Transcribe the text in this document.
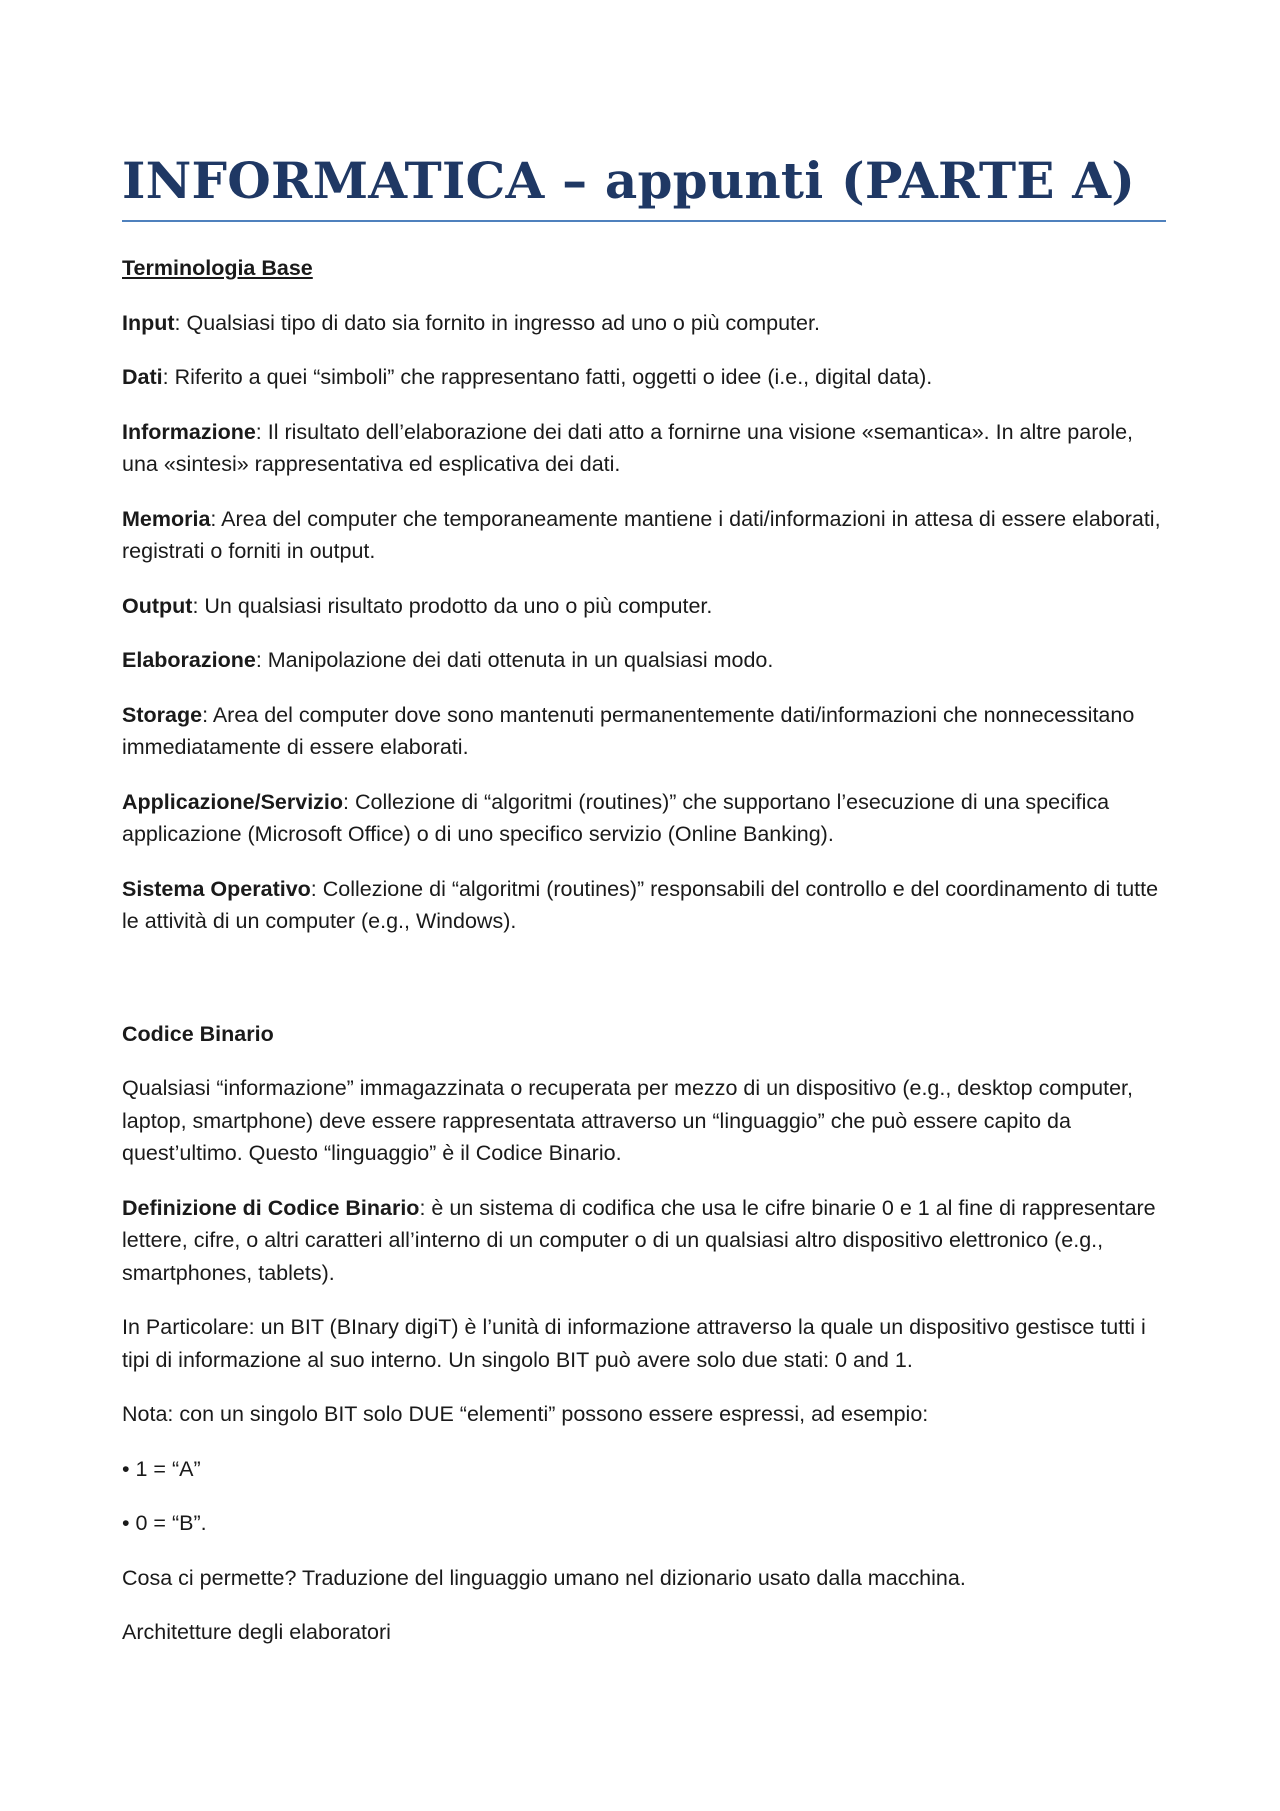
INFORMATICA – appunti (PARTE A)

Terminologia Base

Input: Qualsiasi tipo di dato sia fornito in ingresso ad uno o più computer.

Dati: Riferito a quei “simboli” che rappresentano fatti, oggetti o idee (i.e., digital data).

Informazione: Il risultato dell’elaborazione dei dati atto a fornirne una visione «semantica». In altre parole, una «sintesi» rappresentativa ed esplicativa dei dati.

Memoria: Area del computer che temporaneamente mantiene i dati/informazioni in attesa di essere elaborati, registrati o forniti in output.

Output: Un qualsiasi risultato prodotto da uno o più computer.

Elaborazione: Manipolazione dei dati ottenuta in un qualsiasi modo.

Storage: Area del computer dove sono mantenuti permanentemente dati/informazioni che nonnecessitano immediatamente di essere elaborati.

Applicazione/Servizio: Collezione di “algoritmi (routines)” che supportano l’esecuzione di una specifica applicazione (Microsoft Office) o di uno specifico servizio (Online Banking).

Sistema Operativo: Collezione di “algoritmi (routines)” responsabili del controllo e del coordinamento di tutte le attività di un computer (e.g., Windows).

Codice Binario

Qualsiasi “informazione” immagazzinata o recuperata per mezzo di un dispositivo (e.g., desktop computer, laptop, smartphone) deve essere rappresentata attraverso un “linguaggio” che può essere capito da quest’ultimo. Questo “linguaggio” è il Codice Binario.

Definizione di Codice Binario: è un sistema di codifica che usa le cifre binarie 0 e 1 al fine di rappresentare lettere, cifre, o altri caratteri all’interno di un computer o di un qualsiasi altro dispositivo elettronico (e.g., smartphones, tablets).

In Particolare: un BIT (BInary digiT) è l’unità di informazione attraverso la quale un dispositivo gestisce tutti i tipi di informazione al suo interno. Un singolo BIT può avere solo due stati: 0 and 1.

Nota: con un singolo BIT solo DUE “elementi” possono essere espressi, ad esempio:

• 1 = “A”

• 0 = “B”.

Cosa ci permette? Traduzione del linguaggio umano nel dizionario usato dalla macchina.

Architetture degli elaboratori
